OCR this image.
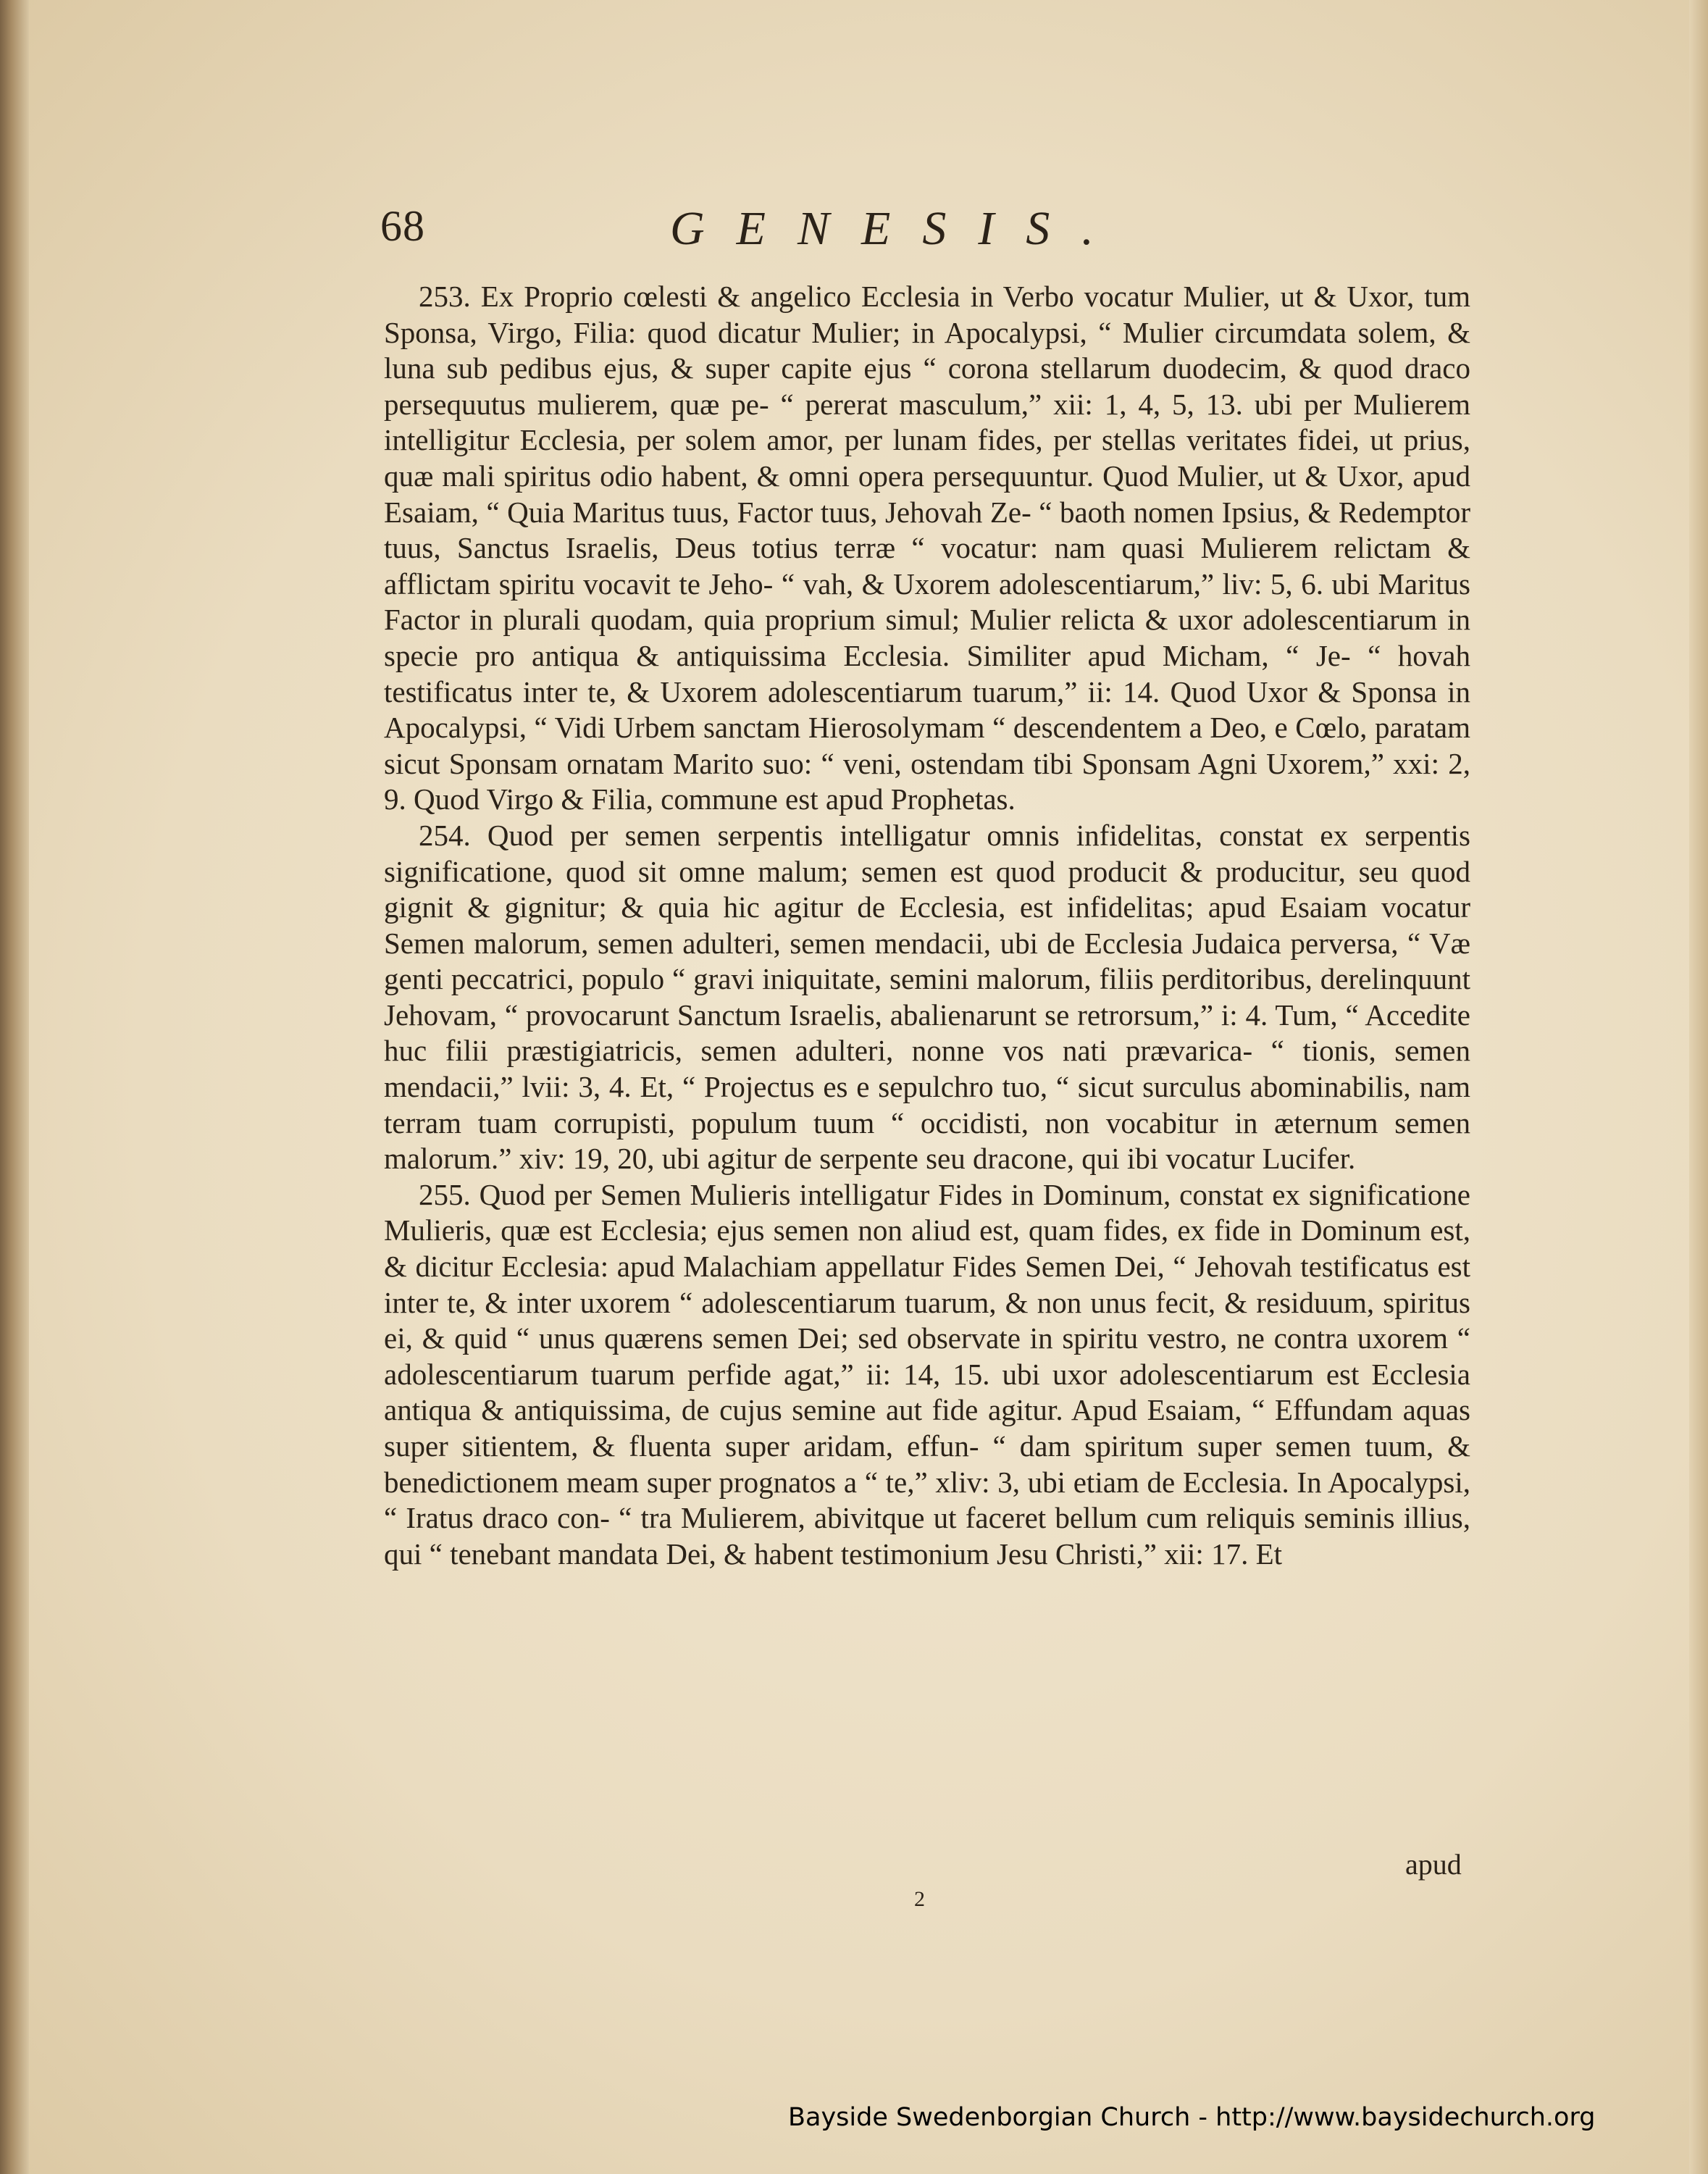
68	GENESIS.

253. Ex Proprio cœlesti & angelico Ecclesia in Verbo vocatur Mulier, ut & Uxor, tum Sponsa, Virgo, Filia: quod dicatur Mulier; in Apocalypsi, “ Mulier circumdata solem, & luna sub pedibus ejus, & super capite ejus “ corona stellarum duodecim, & quod draco persequutus mulierem, quæ pe- “ pererat masculum,” xii: 1, 4, 5, 13. ubi per Mulierem intelligitur Ecclesia, per solem amor, per lunam fides, per stellas veritates fidei, ut prius, quæ mali spiritus odio habent, & omni opera persequuntur. Quod Mulier, ut & Uxor, apud Esaiam, “ Quia Maritus tuus, Factor tuus, Jehovah Ze- “ baoth nomen Ipsius, & Redemptor tuus, Sanctus Israelis, Deus totius terræ “ vocatur: nam quasi Mulierem relictam & afflictam spiritu vocavit te Jeho- “ vah, & Uxorem adolescentiarum,” liv: 5, 6. ubi Maritus Factor in plurali quodam, quia proprium simul; Mulier relicta & uxor adolescentiarum in specie pro antiqua & antiquissima Ecclesia. Similiter apud Micham, “ Je- “ hovah testificatus inter te, & Uxorem adolescentiarum tuarum,” ii: 14. Quod Uxor & Sponsa in Apocalypsi, “ Vidi Urbem sanctam Hierosolymam “ descendentem a Deo, e Cœlo, paratam sicut Sponsam ornatam Marito suo: “ veni, ostendam tibi Sponsam Agni Uxorem,” xxi: 2, 9. Quod Virgo & Filia, commune est apud Prophetas.

254. Quod per semen serpentis intelligatur omnis infidelitas, constat ex serpentis significatione, quod sit omne malum; semen est quod producit & producitur, seu quod gignit & gignitur; & quia hic agitur de Ecclesia, est infidelitas; apud Esaiam vocatur Semen malorum, semen adulteri, semen mendacii, ubi de Ecclesia Judaica perversa, “ Væ genti peccatrici, populo “ gravi iniquitate, semini malorum, filiis perditoribus, derelinquunt Jehovam, “ provocarunt Sanctum Israelis, abalienarunt se retrorsum,” i: 4. Tum, “ Accedite huc filii præstigiatricis, semen adulteri, nonne vos nati prævarica- “ tionis, semen mendacii,” lvii: 3, 4. Et, “ Projectus es e sepulchro tuo, “ sicut surculus abominabilis, nam terram tuam corrupisti, populum tuum “ occidisti, non vocabitur in æternum semen malorum.” xiv: 19, 20, ubi agitur de serpente seu dracone, qui ibi vocatur Lucifer.

255. Quod per Semen Mulieris intelligatur Fides in Dominum, constat ex significatione Mulieris, quæ est Ecclesia; ejus semen non aliud est, quam fides, ex fide in Dominum est, & dicitur Ecclesia: apud Malachiam appellatur Fides Semen Dei, “ Jehovah testificatus est inter te, & inter uxorem “ adolescentiarum tuarum, & non unus fecit, & residuum, spiritus ei, & quid “ unus quærens semen Dei; sed observate in spiritu vestro, ne contra uxorem “ adolescentiarum tuarum perfide agat,” ii: 14, 15. ubi uxor adolescentiarum est Ecclesia antiqua & antiquissima, de cujus semine aut fide agitur. Apud Esaiam, “ Effundam aquas super sitientem, & fluenta super aridam, effun- “ dam spiritum super semen tuum, & benedictionem meam super prognatos a “ te,” xliv: 3, ubi etiam de Ecclesia. In Apocalypsi, “ Iratus draco con- “ tra Mulierem, abivitque ut faceret bellum cum reliquis seminis illius, qui “ tenebant mandata Dei, & habent testimonium Jesu Christi,” xii: 17. Et

apud
2
Bayside Swedenborgian Church - http://www.baysidechurch.org
